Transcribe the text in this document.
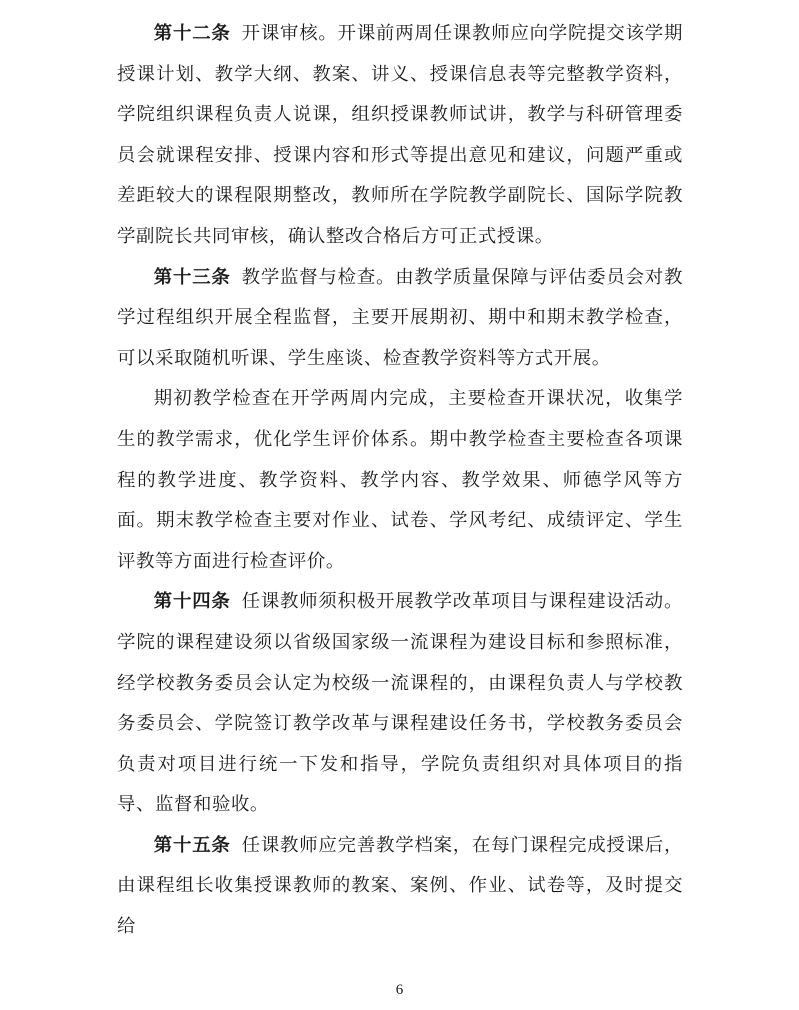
第十二条 开课审核。开课前两周任课教师应向学院提交该学期授课计划、教学大纲、教案、讲义、授课信息表等完整教学资料，学院组织课程负责人说课，组织授课教师试讲，教学与科研管理委员会就课程安排、授课内容和形式等提出意见和建议，问题严重或差距较大的课程限期整改，教师所在学院教学副院长、国际学院教学副院长共同审核，确认整改合格后方可正式授课。

第十三条 教学监督与检查。由教学质量保障与评估委员会对教学过程组织开展全程监督，主要开展期初、期中和期末教学检查，可以采取随机听课、学生座谈、检查教学资料等方式开展。

期初教学检查在开学两周内完成，主要检查开课状况，收集学生的教学需求，优化学生评价体系。期中教学检查主要检查各项课程的教学进度、教学资料、教学内容、教学效果、师德学风等方面。期末教学检查主要对作业、试卷、学风考纪、成绩评定、学生评教等方面进行检查评价。

第十四条 任课教师须积极开展教学改革项目与课程建设活动。学院的课程建设须以省级国家级一流课程为建设目标和参照标准，经学校教务委员会认定为校级一流课程的，由课程负责人与学校教务委员会、学院签订教学改革与课程建设任务书，学校教务委员会负责对项目进行统一下发和指导，学院负责组织对具体项目的指导、监督和验收。

第十五条 任课教师应完善教学档案，在每门课程完成授课后，由课程组长收集授课教师的教案、案例、作业、试卷等，及时提交给

6
